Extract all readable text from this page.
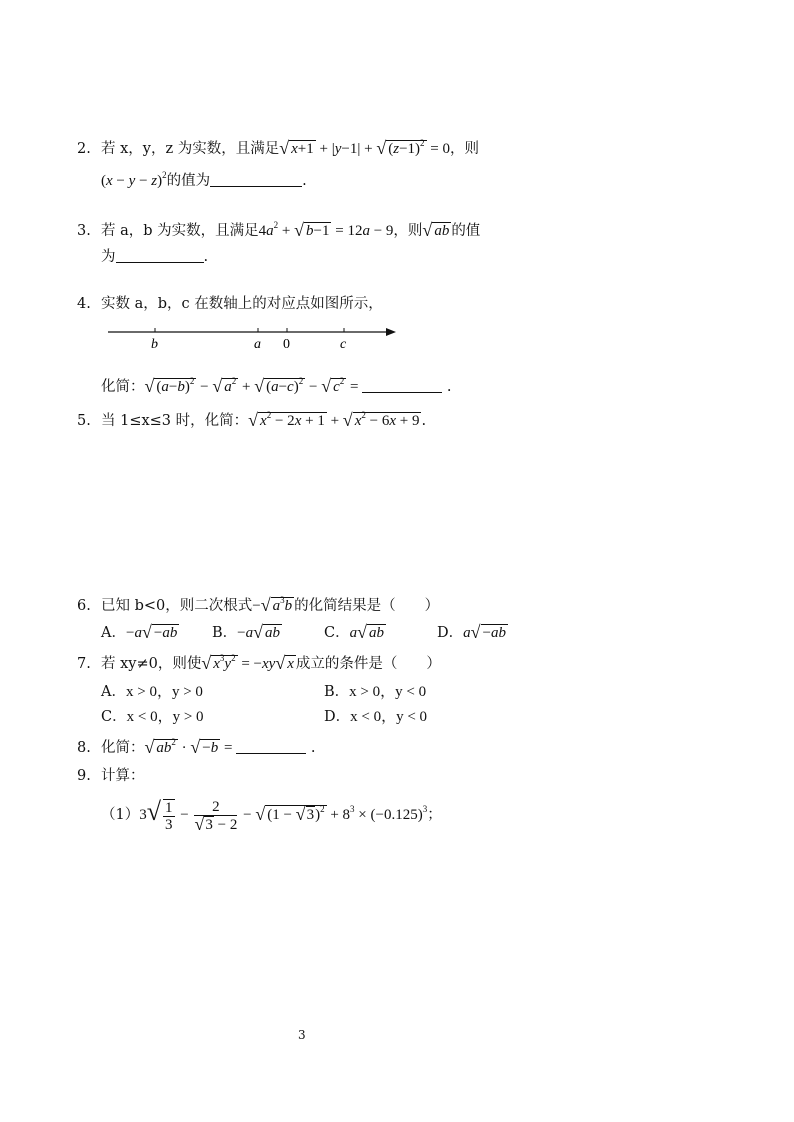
2. 若 x，y，z 为实数，且满足√ x+1 + |y−1| + √ $(z-1)^2 = 0$，则
$(x - y - z)^2$的值为	.
3. 若 a，b 为实数，且满足$4a^2$ + √ b−1 = 12a − 9，则√ ab 的值
为	.
4. 实数 a，b，c 在数轴上的对应点如图所示，
b	a 0	c
化简：√ $(a-b)^2$ − √ $a^2$ + √ $(a-c)^2$ − √ $c^2$ =	.
5. 当 1≤x≤3 时，化简：√ $x^2 - 2x + 1$ + √ $x^2 - 6x + 9$ .
6. 已知 b<0，则二次根式−√ $a^3b$ 的化简结果是（　　）
A．−a√ −ab B．−a√ ab	C．a√ ab	D．a√ −ab
7. 若 xy≠0，则使√ $x^3y^2 = -xy√$ x 成立的条件是（　　）
A．x > 0，y > 0	B．x > 0，y < 0
C．x < 0，y > 0	D．x < 0，y < 0
8. 化简：√ $ab^2$ · √ −b =	.
9. 计算：
$(1)3√ \frac{1}{3} - \frac{2}{√3 - 2}$ − √ $(1 - √3)^2 + 8^3 \times (-0.125)^3$；
3
